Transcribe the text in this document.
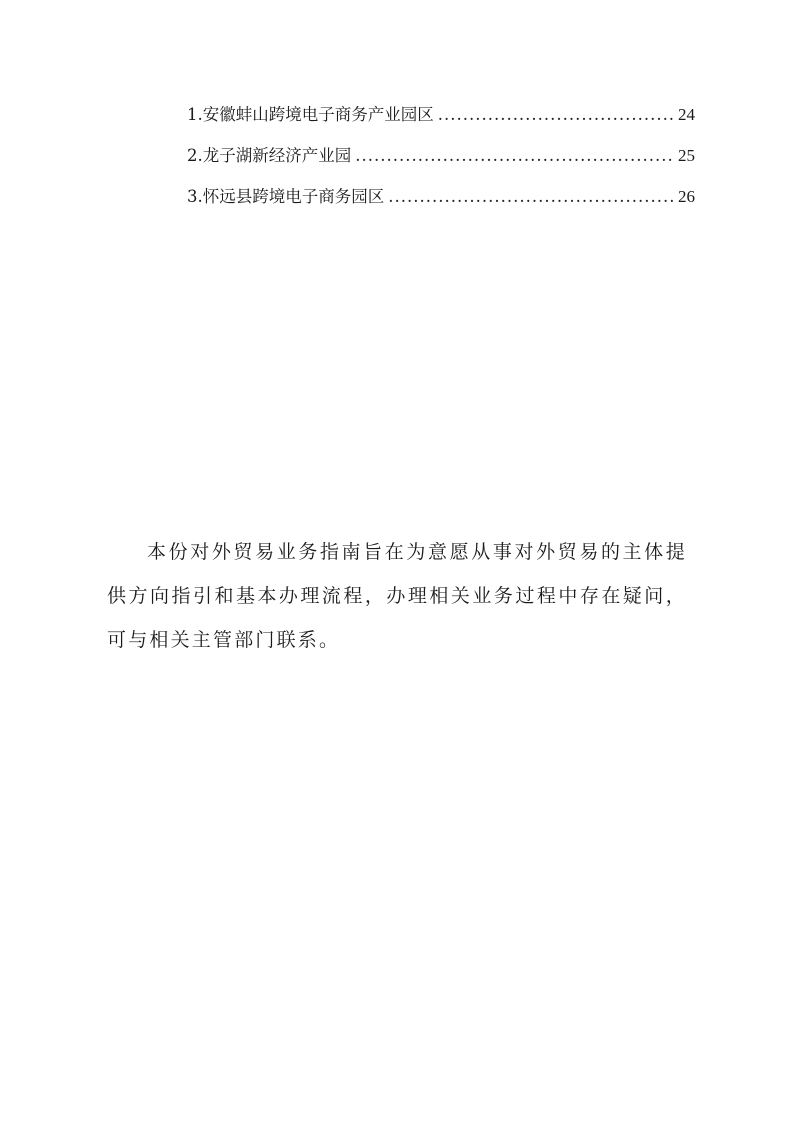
1.安徽蚌山跨境电子商务产业园区 .....	24
2.龙子湖新经济产业园 .....	25
3.怀远县跨境电子商务园区 .....	26

本份对外贸易业务指南旨在为意愿从事对外贸易的主体提供方向指引和基本办理流程，办理相关业务过程中存在疑问，可与相关主管部门联系。
